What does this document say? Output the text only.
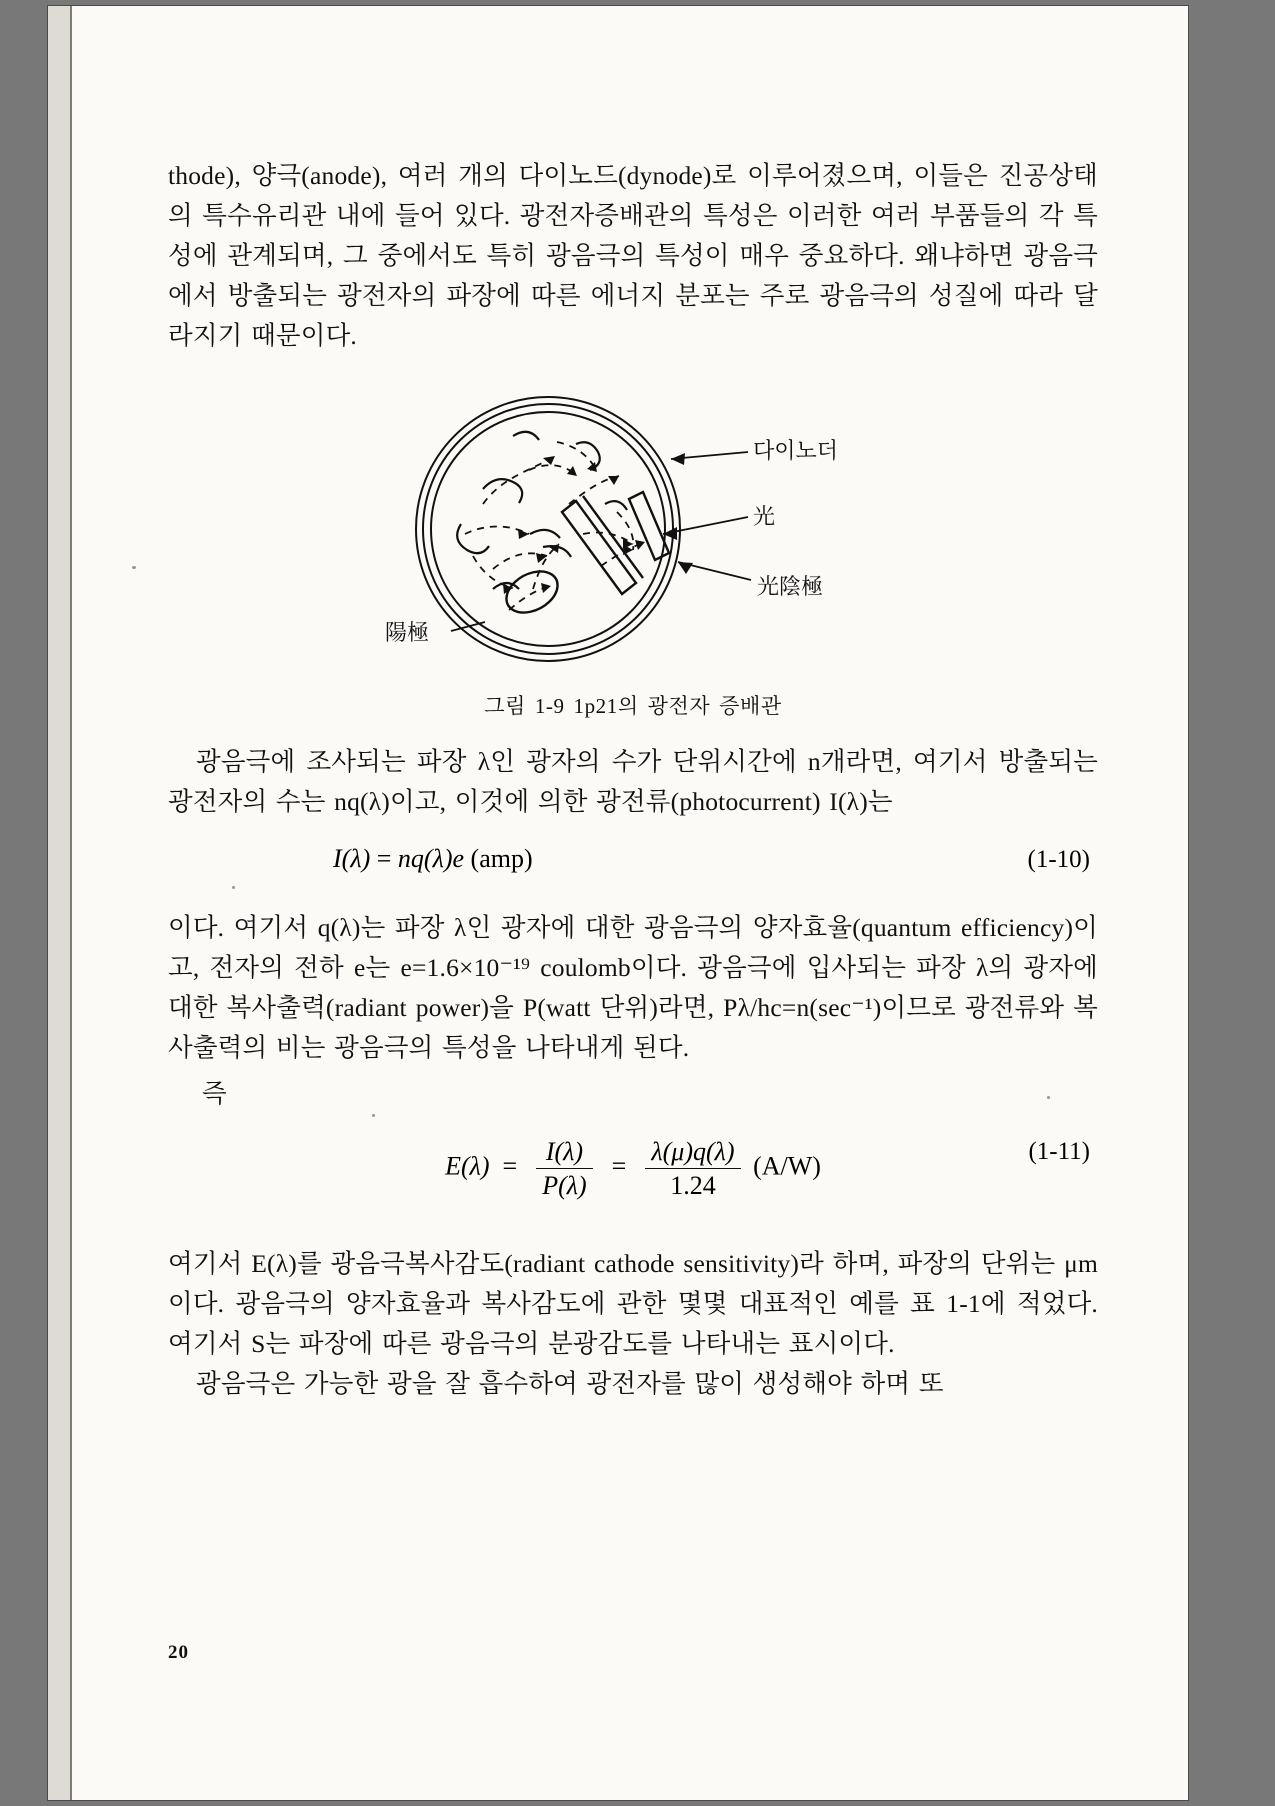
thode), 양극(anode), 여러 개의 다이노드(dynode)로 이루어졌으며, 이들은 진공상태의 특수유리관 내에 들어 있다. 광전자증배관의 특성은 이러한 여러 부품들의 각 특성에 관계되며, 그 중에서도 특히 광음극의 특성이 매우 중요하다. 왜냐하면 광음극에서 방출되는 광전자의 파장에 따른 에너지 분포는 주로 광음극의 성질에 따라 달라지기 때문이다.

다이노더
光
光陰極
陽極
그림 1-9 1p21의 광전자 증배관

광음극에 조사되는 파장 λ인 광자의 수가 단위시간에 n개라면, 여기서 방출되는 광전자의 수는 nq(λ)이고, 이것에 의한 광전류(photocurrent) I(λ)는

I(λ) = nq(λ)e (amp)	(1-10)

이다. 여기서 q(λ)는 파장 λ인 광자에 대한 광음극의 양자효율(quantum efficiency)이고, 전자의 전하 e는 e=1.6×10⁻¹⁹ coulomb이다. 광음극에 입사되는 파장 λ의 광자에 대한 복사출력(radiant power)을 P(watt 단위)라면, Pλ/hc=n(sec⁻¹)이므로 광전류와 복사출력의 비는 광음극의 특성을 나타내게 된다.

즉
$E(\lambda) = \frac{I(\lambda)}{P(\lambda)} = \frac{\lambda(\mu)q(\lambda)}{1.24} (A/W)$
(1-11)

여기서 E(λ)를 광음극복사감도(radiant cathode sensitivity)라 하며, 파장의 단위는 μm이다. 광음극의 양자효율과 복사감도에 관한 몇몇 대표적인 예를 표 1-1에 적었다. 여기서 S는 파장에 따른 광음극의 분광감도를 나타내는 표시이다.

광음극은 가능한 광을 잘 흡수하여 광전자를 많이 생성해야 하며 또

20
